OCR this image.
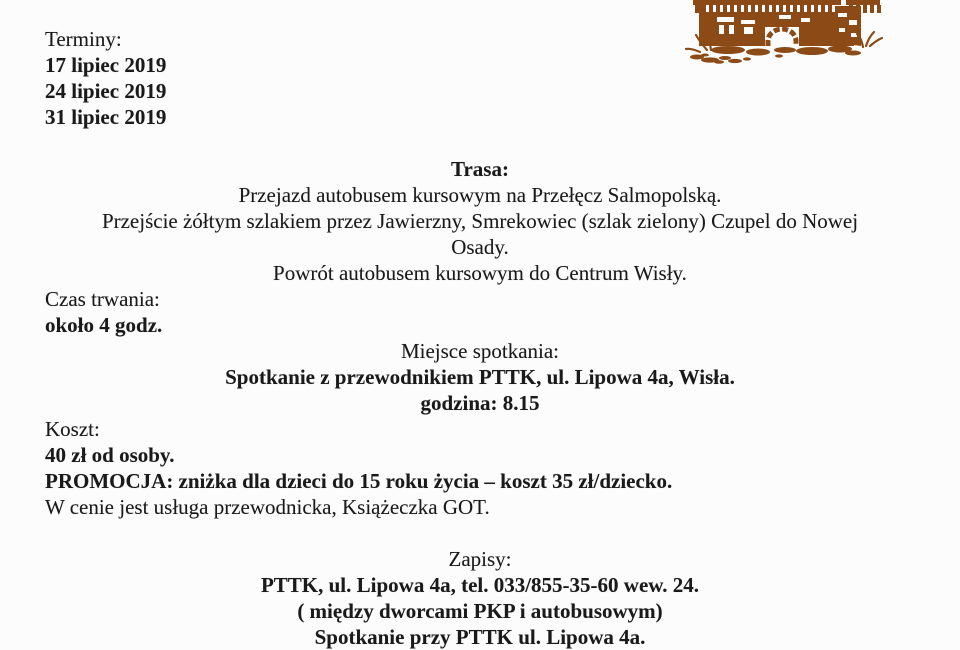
Terminy:
17 lipiec 2019
24 lipiec 2019
31 lipiec 2019
Trasa:
Przejazd autobusem kursowym na Przełęcz Salmopolską.
Przejście żółtym szlakiem przez Jawierzny, Smrekowiec (szlak zielony) Czupel do Nowej
Osady.
Powrót autobusem kursowym do Centrum Wisły.
Czas trwania:
około 4 godz.
Miejsce spotkania:
Spotkanie z przewodnikiem PTTK, ul. Lipowa 4a, Wisła.
godzina: 8.15
Koszt:
40 zł od osoby.
PROMOCJA: zniżka dla dzieci do 15 roku życia – koszt 35 zł/dziecko.
W cenie jest usługa przewodnicka, Książeczka GOT.
Zapisy:
PTTK, ul. Lipowa 4a, tel. 033/855-35-60 wew. 24.
( między dworcami PKP i autobusowym)
Spotkanie przy PTTK ul. Lipowa 4a.
